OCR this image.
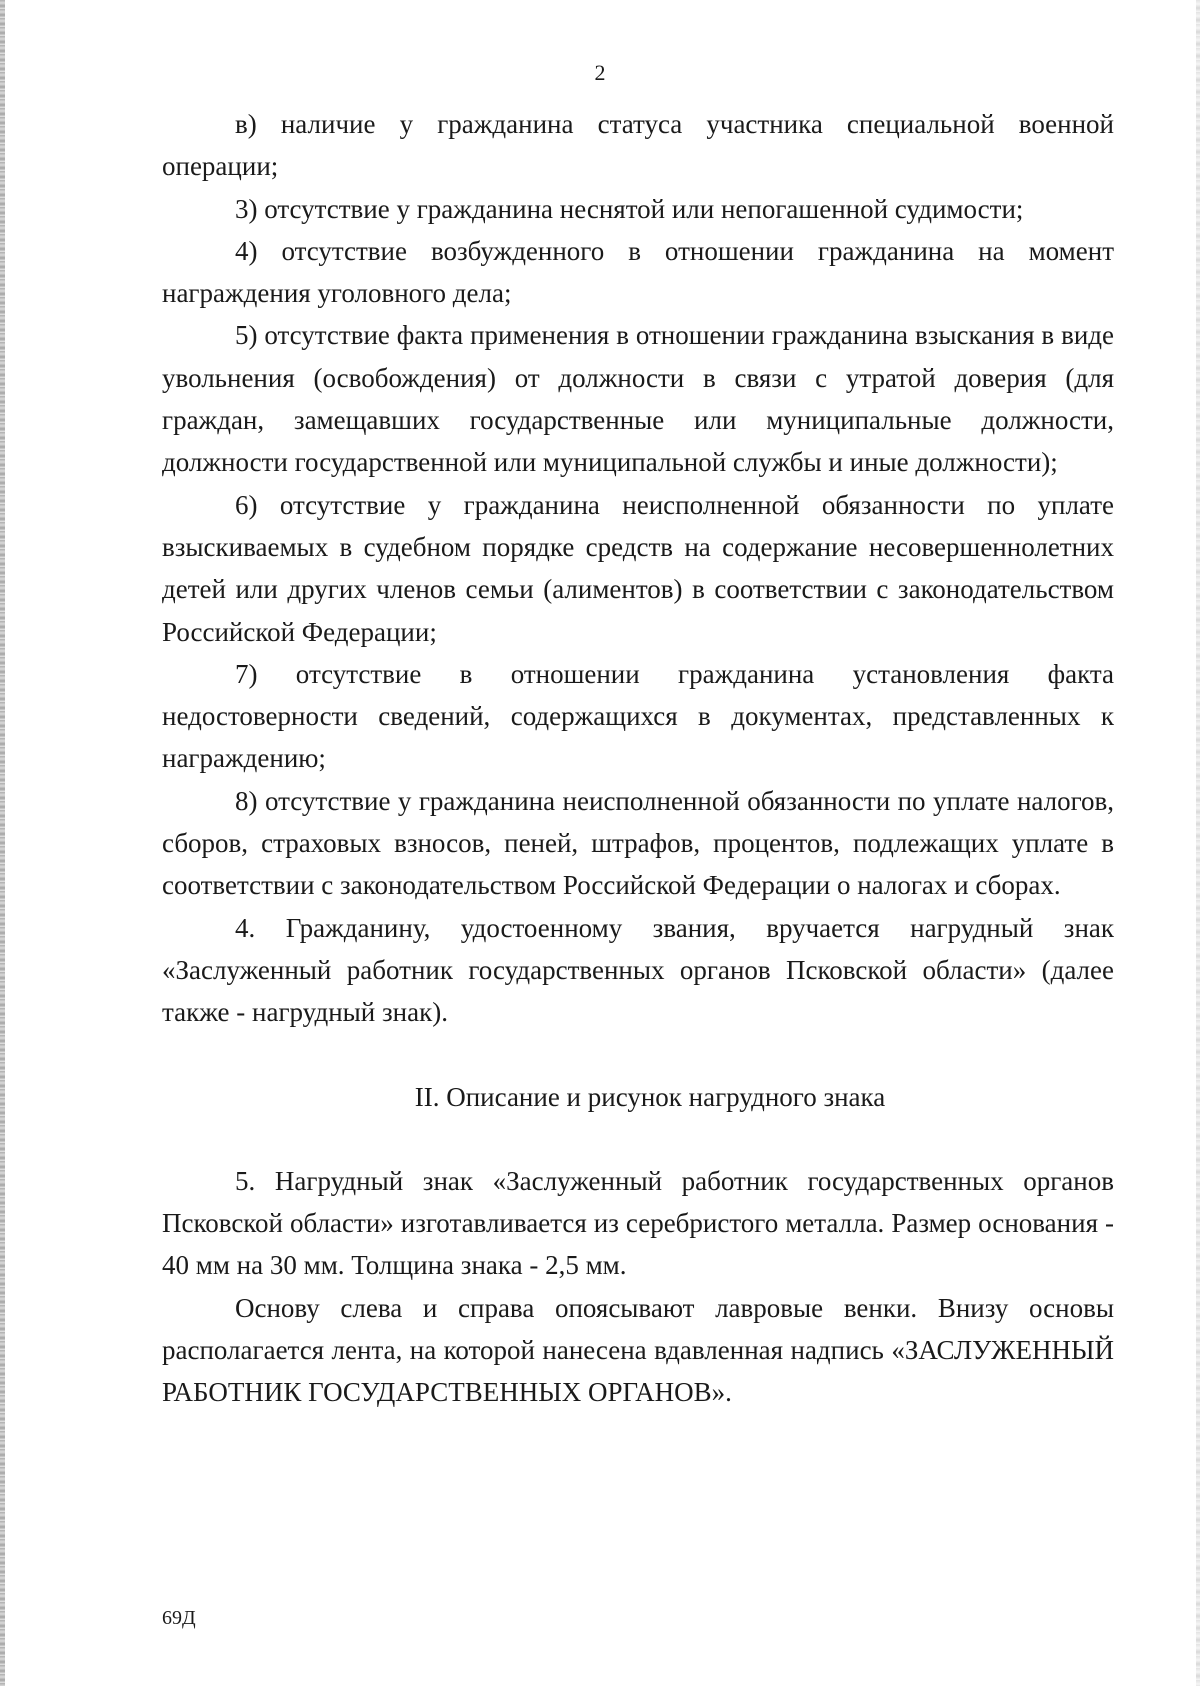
2

в) наличие у гражданина статуса участника специальной военной операции;

3) отсутствие у гражданина неснятой или непогашенной судимости;

4) отсутствие возбужденного в отношении гражданина на момент награждения уголовного дела;

5) отсутствие факта применения в отношении гражданина взыскания в виде увольнения (освобождения) от должности в связи с утратой доверия (для граждан, замещавших государственные или муниципальные должности, должности государственной или муниципальной службы и иные должности);

6) отсутствие у гражданина неисполненной обязанности по уплате взыскиваемых в судебном порядке средств на содержание несовершеннолетних детей или других членов семьи (алиментов) в соответствии с законодательством Российской Федерации;

7) отсутствие в отношении гражданина установления факта недостоверности сведений, содержащихся в документах, представленных к награждению;

8) отсутствие у гражданина неисполненной обязанности по уплате налогов, сборов, страховых взносов, пеней, штрафов, процентов, подлежащих уплате в соответствии с законодательством Российской Федерации о налогах и сборах.

4. Гражданину, удостоенному звания, вручается нагрудный знак «Заслуженный работник государственных органов Псковской области» (далее также - нагрудный знак).

II. Описание и рисунок нагрудного знака

5. Нагрудный знак «Заслуженный работник государственных органов Псковской области» изготавливается из серебристого металла. Размер основания - 40 мм на 30 мм. Толщина знака - 2,5 мм.

Основу слева и справа опоясывают лавровые венки. Внизу основы располагается лента, на которой нанесена вдавленная надпись «ЗАСЛУЖЕННЫЙ РАБОТНИК ГОСУДАРСТВЕННЫХ ОРГАНОВ».

69Д
